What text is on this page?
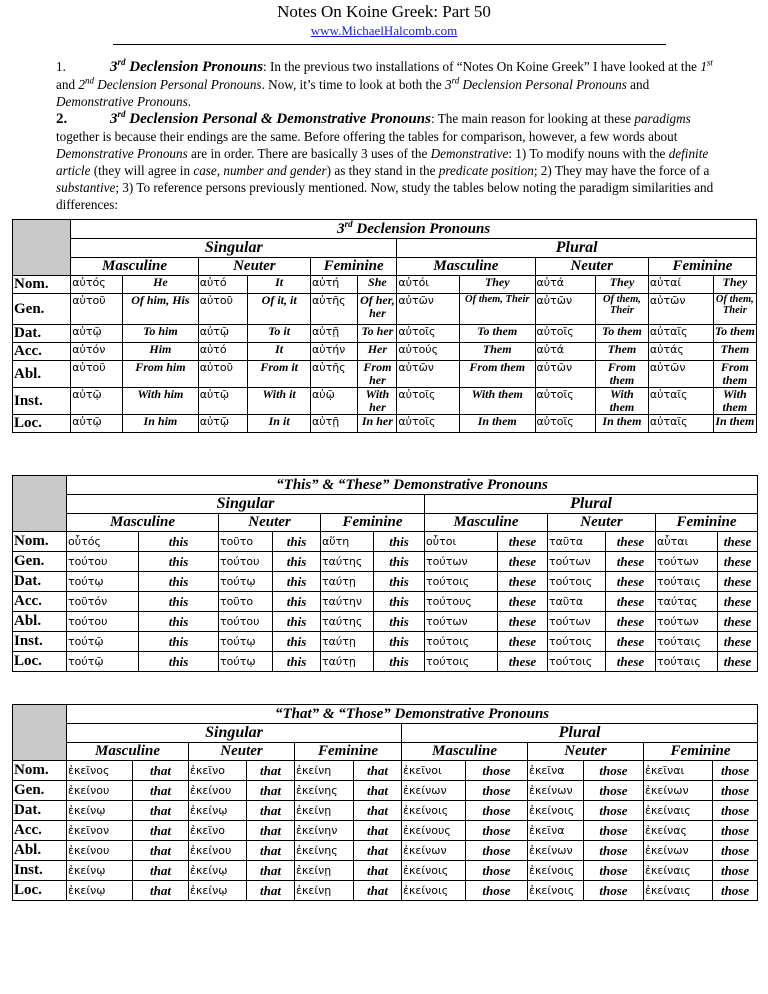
Notes On Koine Greek: Part 50
www.MichaelHalcomb.com

1.	3rd Declension Pronouns: In the previous two installations of “Notes On Koine Greek” I have looked at the 1st and 2nd Declension Personal Pronouns. Now, it’s time to look at both the 3rd Declension Personal Pronouns and Demonstrative Pronouns.

2.	3rd Declension Personal & Demonstrative Pronouns: The main reason for looking at these paradigms together is because their endings are the same. Before offering the tables for comparison, however, a few words about Demonstrative Pronouns are in order. There are basically 3 uses of the Demonstrative: 1) To modify nouns with the definite article (they will agree in case, number and gender) as they stand in the predicate position; 2) They may have the force of a substantive; 3) To reference persons previously mentioned. Now, study the tables below noting the paradigm similarities and differences:

	3rd Declension Pronouns											
	Singular						Plural					
	Masculine		Neuter		Feminine		Masculine		Neuter		Feminine	
Nom.	αὐτός	He	αὐτό	It	αὐτή	She	αὐτόι	They	αὐτά	They	αὐταί	They
Gen.	αὐτοῦ	Of him, His	αὐτοῦ	Of it, it	αὐτῆς	Of her, her	αὐτῶν	Of them, Their	αὐτῶν	Of them, Their	αὐτῶν	Of them, Their
Dat.	αὐτῷ	To him	αὐτῷ	To it	αὐτῇ	To her	αὐτοῖς	To them	αὐτοῖς	To them	αὐταῖς	To them
Acc.	αὐτόν	Him	αὐτό	It	αὐτήν	Her	αὐτούς	Them	αὐτά	Them	αὐτάς	Them
Abl.	αὐτοῦ	From him	αὐτοῦ	From it	αὐτῆς	From her	αὐτῶν	From them	αὐτῶν	From them	αὐτῶν	From them
Inst.	αὐτῷ	With him	αὐτῷ	With it	αὐῷ	With her	αὐτοῖς	With them	αὐτοῖς	With them	αὐταῖς	With them
Loc.	αὐτῷ	In him	αὐτῷ	In it	αὐτῇ	In her	αὐτοῖς	In them	αὐτοῖς	In them	αὐταῖς	In them
	“This” & “These” Demonstrative Pronouns											
	Singular						Plural					
	Masculine		Neuter		Feminine		Masculine		Neuter		Feminine	
Nom.	οὗτός	this	τοῦτο	this	αὕτη	this	οὗτοι	these	ταῦτα	these	αὗται	these
Gen.	τούτου	this	τούτου	this	ταύτης	this	τούτων	these	τούτων	these	τούτων	these
Dat.	τούτῳ	this	τούτῳ	this	ταύτῃ	this	τούτοις	these	τούτοις	these	τούταις	these
Acc.	τοῦτόν	this	τοῦτο	this	ταύτην	this	τούτους	these	ταῦτα	these	ταύτας	these
Abl.	τούτου	this	τούτου	this	ταύτης	this	τούτων	these	τούτων	these	τούτων	these
Inst.	τούτῷ	this	τούτῳ	this	ταύτῃ	this	τούτοις	these	τούτοις	these	τούταις	these
Loc.	τούτῷ	this	τούτῳ	this	ταύτῃ	this	τούτοις	these	τούτοις	these	τούταις	these
	“That” & “Those” Demonstrative Pronouns											
	Singular						Plural					
	Masculine		Neuter		Feminine		Masculine		Neuter		Feminine	
Nom.	ἐκεῖνος	that	ἐκεῖνο	that	ἐκείνη	that	ἐκεῖνοι	those	ἐκεῖνα	those	ἐκεῖναι	those
Gen.	ἐκείνου	that	ἐκείνου	that	ἐκείνης	that	ἐκείνων	those	ἐκείνων	those	ἐκείνων	those
Dat.	ἐκείνῳ	that	ἐκείνῳ	that	ἐκείνῃ	that	ἐκείνοις	those	ἐκείνοις	those	ἐκείναις	those
Acc.	ἐκεῖνον	that	ἐκεῖνο	that	ἐκείνην	that	ἐκείνους	those	ἐκεῖνα	those	ἐκείνας	those
Abl.	ἐκείνου	that	ἐκείνου	that	ἐκείνης	that	ἐκείνων	those	ἐκείνων	those	ἐκείνων	those
Inst.	ἐκείνῳ	that	ἐκείνῳ	that	ἐκείνῃ	that	ἐκείνοις	those	ἐκείνοις	those	ἐκείναις	those
Loc.	ἐκείνῳ	that	ἐκείνῳ	that	ἐκείνῃ	that	ἐκείνοις	those	ἐκείνοις	those	ἐκείναις	those
